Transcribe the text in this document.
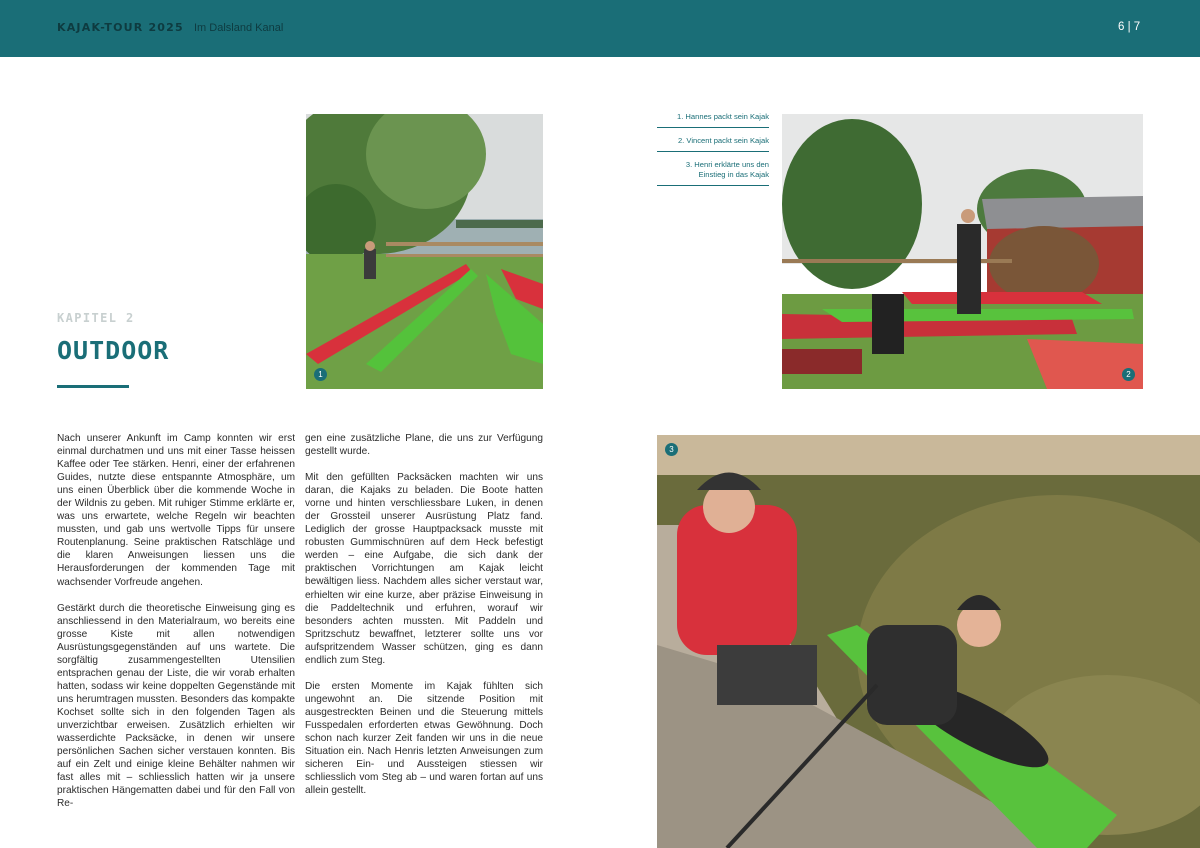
KAJAK-TOUR 2025 Im Dalsland Kanal	6 | 7
KAPITEL 2
OUTDOOR

Nach unserer Ankunft im Camp konnten wir erst einmal durchatmen und uns mit einer Tasse heissen Kaffee oder Tee stärken. Henri, einer der erfahrenen Guides, nutzte diese entspannte Atmosphäre, um uns einen Überblick über die kommende Woche in der Wildnis zu geben. Mit ruhiger Stimme erklärte er, was uns erwartete, welche Regeln wir beachten mussten, und gab uns wertvolle Tipps für unsere Routenplanung. Seine praktischen Ratschläge und die klaren Anweisungen liessen uns die Herausforderungen der kommenden Tage mit wachsender Vorfreude angehen.

Gestärkt durch die theoretische Einweisung ging es anschliessend in den Materialraum, wo bereits eine grosse Kiste mit allen notwendigen Ausrüstungsgegenständen auf uns wartete. Die sorgfältig zusammengestellten Utensilien entsprachen genau der Liste, die wir vorab erhalten hatten, sodass wir keine doppelten Gegenstände mit uns herumtragen mussten. Besonders das kompakte Kochset sollte sich in den folgenden Tagen als unverzichtbar erweisen. Zusätzlich erhielten wir wasserdichte Packsäcke, in denen wir unsere persönlichen Sachen sicher verstauen konnten. Bis auf ein Zelt und einige kleine Behälter nahmen wir fast alles mit – schliesslich hatten wir ja unsere praktischen Hängematten dabei und für den Fall von Re-

gen eine zusätzliche Plane, die uns zur Verfügung gestellt wurde.

Mit den gefüllten Packsäcken machten wir uns daran, die Kajaks zu beladen. Die Boote hatten vorne und hinten verschliessbare Luken, in denen der Grossteil unserer Ausrüstung Platz fand. Lediglich der grosse Hauptpacksack musste mit robusten Gummischnüren auf dem Heck befestigt werden – eine Aufgabe, die sich dank der praktischen Vorrichtungen am Kajak leicht bewältigen liess. Nachdem alles sicher verstaut war, erhielten wir eine kurze, aber präzise Einweisung in die Paddeltechnik und erfuhren, worauf wir besonders achten mussten. Mit Paddeln und Spritzschutz bewaffnet, letzterer sollte uns vor aufspritzendem Wasser schützen, ging es dann endlich zum Steg.

Die ersten Momente im Kajak fühlten sich ungewohnt an. Die sitzende Position mit ausgestreckten Beinen und die Steuerung mittels Fusspedalen erforderten etwas Gewöhnung. Doch schon nach kurzer Zeit fanden wir uns in die neue Situation ein. Nach Henris letzten Anweisungen zum sicheren Ein- und Aussteigen stiessen wir schliesslich vom Steg ab – und waren fortan auf uns allein gestellt.

1	2
1. Hannes packt sein Kajak
2. Vincent packt sein Kajak
3. Henri erklärte uns den Einstieg in das Kajak
3
